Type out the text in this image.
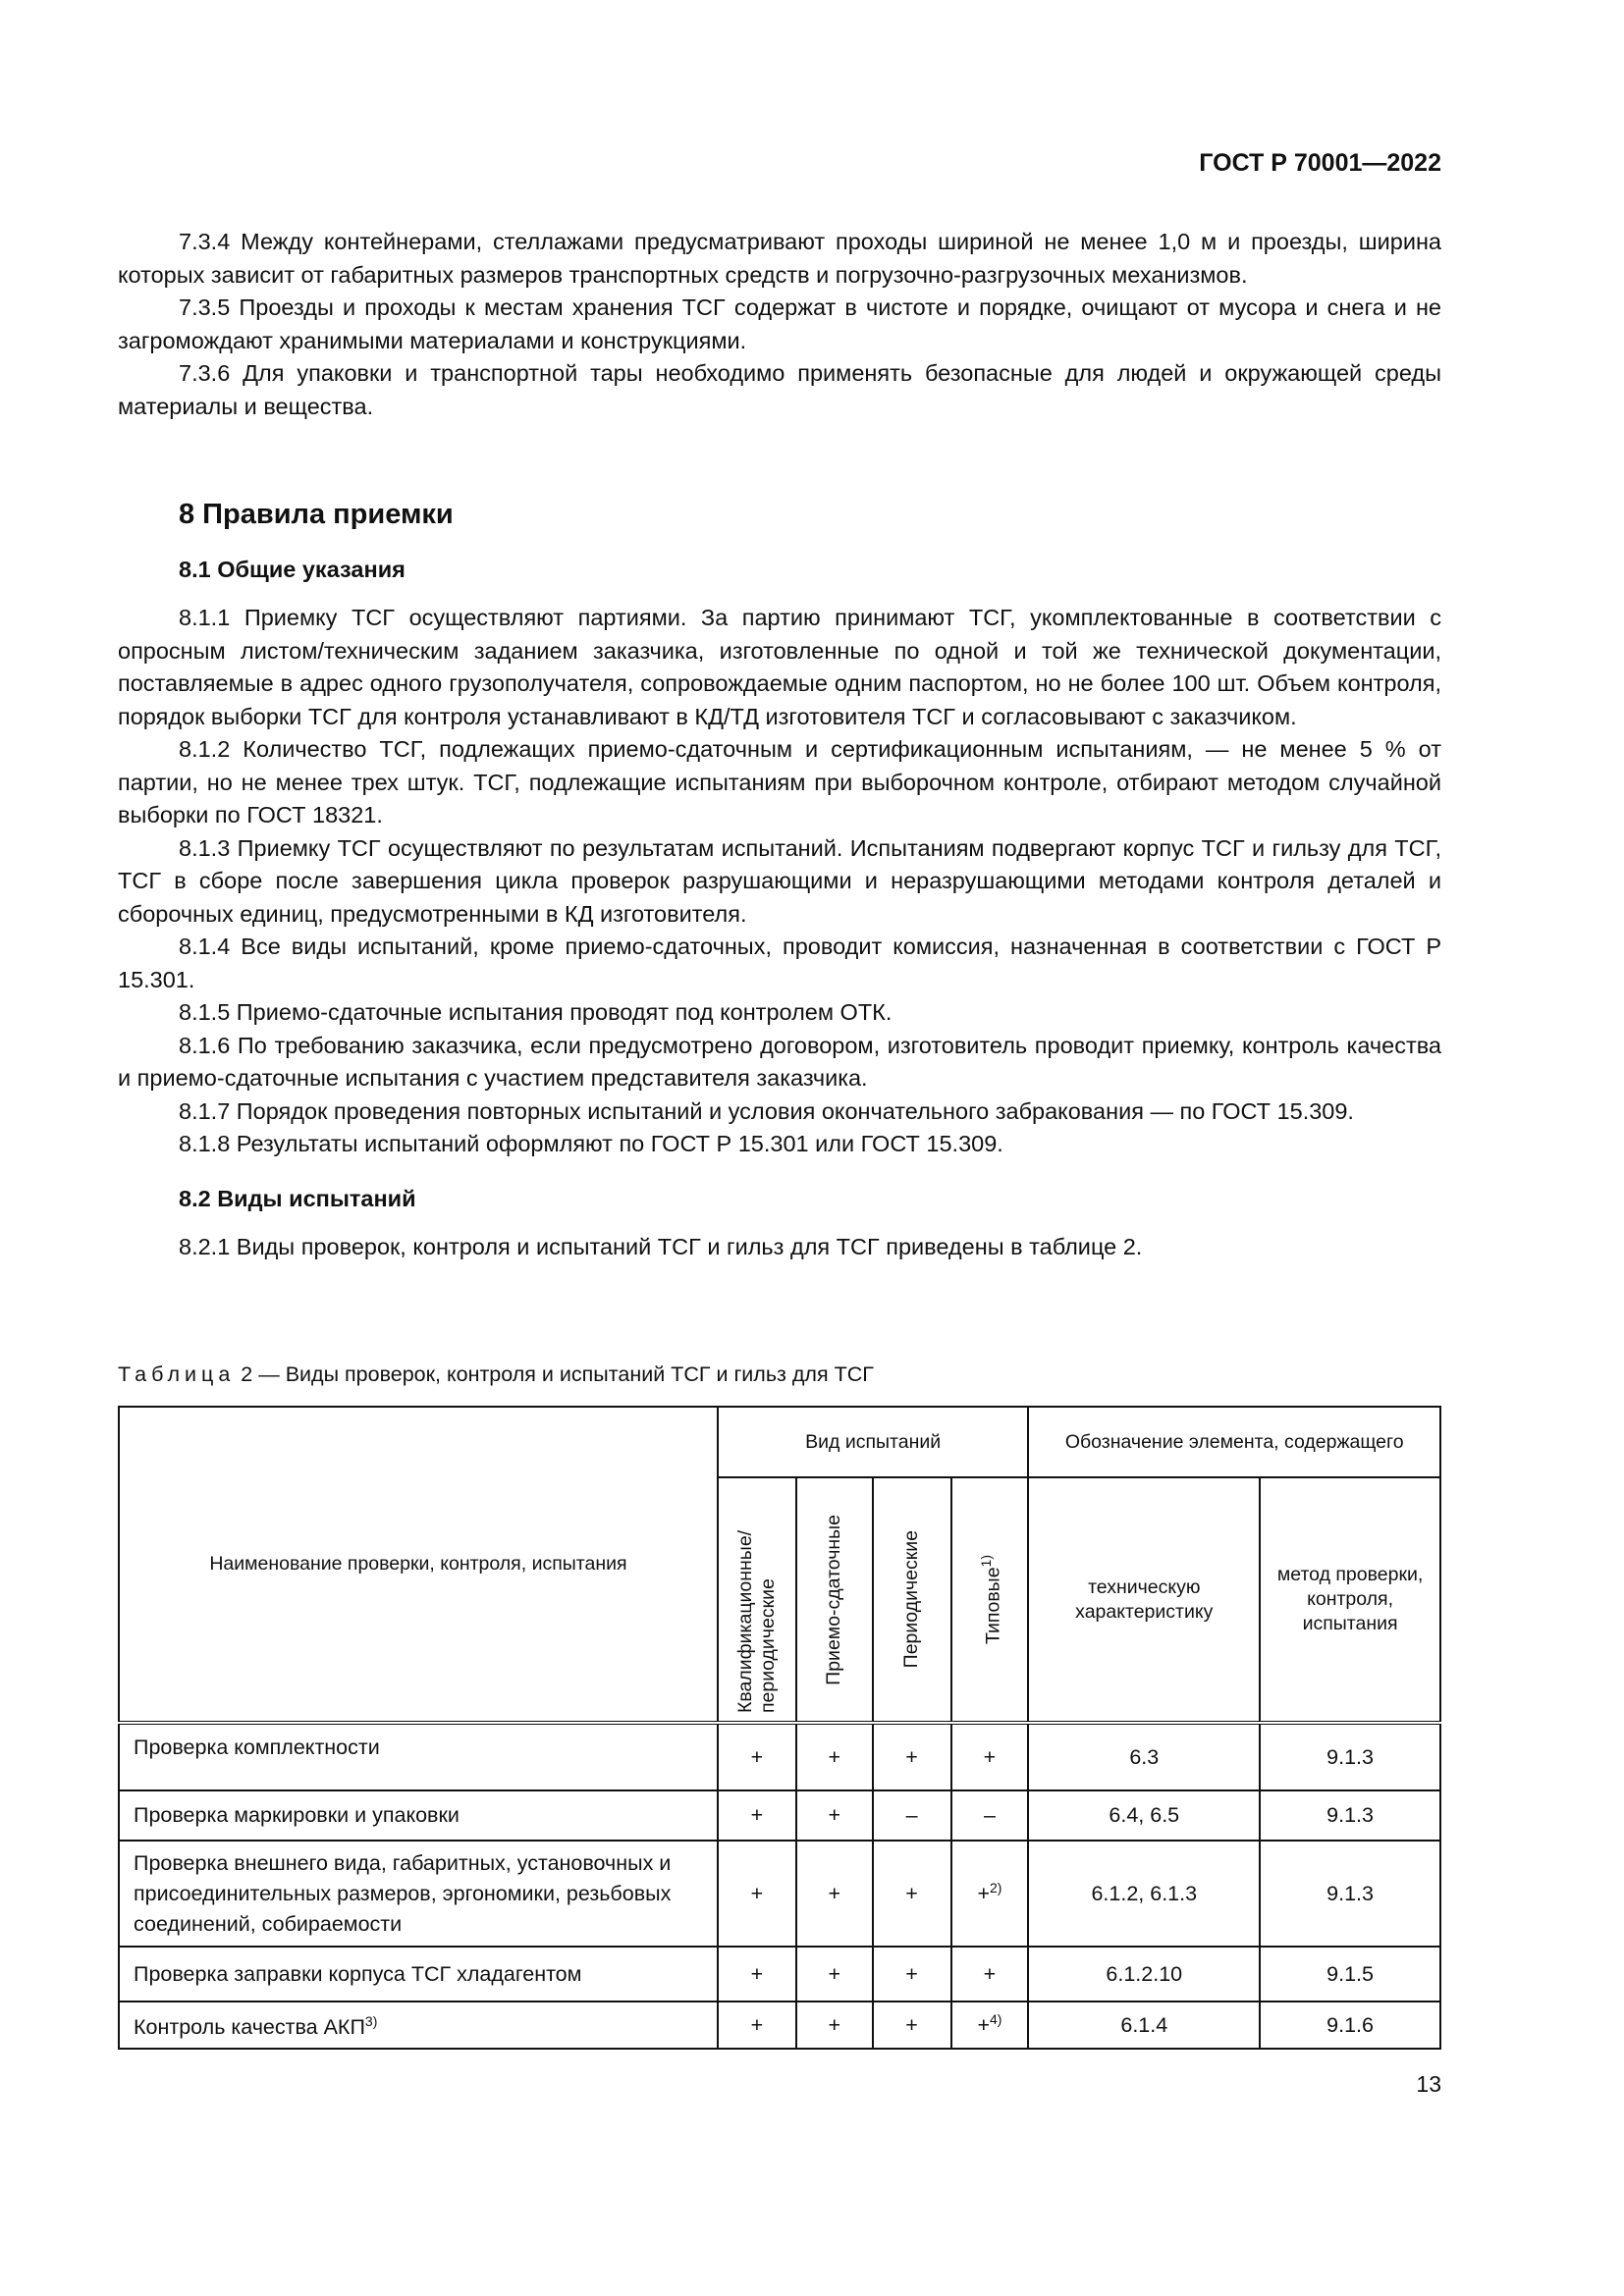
ГОСТ Р 70001—2022

7.3.4 Между контейнерами, стеллажами предусматривают проходы шириной не менее 1,0 м и проезды, ширина которых зависит от габаритных размеров транспортных средств и погрузочно-разгрузочных механизмов.

7.3.5 Проезды и проходы к местам хранения ТСГ содержат в чистоте и порядке, очищают от мусора и снега и не загромождают хранимыми материалами и конструкциями.

7.3.6 Для упаковки и транспортной тары необходимо применять безопасные для людей и окружающей среды материалы и вещества.

8 Правила приемки
8.1 Общие указания

8.1.1 Приемку ТСГ осуществляют партиями. За партию принимают ТСГ, укомплектованные в соответствии с опросным листом/техническим заданием заказчика, изготовленные по одной и той же технической документации, поставляемые в адрес одного грузополучателя, сопровождаемые одним паспортом, но не более 100 шт. Объем контроля, порядок выборки ТСГ для контроля устанавливают в КД/ТД изготовителя ТСГ и согласовывают с заказчиком.

8.1.2 Количество ТСГ, подлежащих приемо-сдаточным и сертификационным испытаниям, — не менее 5 % от партии, но не менее трех штук. ТСГ, подлежащие испытаниям при выборочном контроле, отбирают методом случайной выборки по ГОСТ 18321.

8.1.3 Приемку ТСГ осуществляют по результатам испытаний. Испытаниям подвергают корпус ТСГ и гильзу для ТСГ, ТСГ в сборе после завершения цикла проверок разрушающими и неразрушающими методами контроля деталей и сборочных единиц, предусмотренными в КД изготовителя.

8.1.4 Все виды испытаний, кроме приемо-сдаточных, проводит комиссия, назначенная в соответствии с ГОСТ Р 15.301.

8.1.5 Приемо-сдаточные испытания проводят под контролем ОТК.

8.1.6 По требованию заказчика, если предусмотрено договором, изготовитель проводит приемку, контроль качества и приемо-сдаточные испытания с участием представителя заказчика.

8.1.7 Порядок проведения повторных испытаний и условия окончательного забракования — по ГОСТ 15.309.

8.1.8 Результаты испытаний оформляют по ГОСТ Р 15.301 или ГОСТ 15.309.

8.2 Виды испытаний

8.2.1 Виды проверок, контроля и испытаний ТСГ и гильз для ТСГ приведены в таблице 2.

Таблица 2 — Виды проверок, контроля и испытаний ТСГ и гильз для ТСГ
Наименование проверки, контроля, испытания	Вид испытаний				Обозначение элемента, содержащего	

	Квалификационные/ периодические	Приемо-сдаточные	Периодические	Типовые$^{1)}$	техническую характеристику	метод проверки, контроля, испытания
Проверка комплектности	+	+	+	+	6.3	9.1.3
Проверка маркировки и упаковки	+	+	–	–	6.4, 6.5	9.1.3
Проверка внешнего вида, габаритных, установочных и присоединительных размеров, эргономики, резьбовых соединений, собираемости	+	+	+	+$^{2)}$	6.1.2, 6.1.3	9.1.3
Проверка заправки корпуса ТСГ хладагентом	+	+	+	+	6.1.2.10	9.1.5
Контроль качества $АКП^{3)}$	+	+	+	+$^{4)}$	6.1.4	9.1.6
13
